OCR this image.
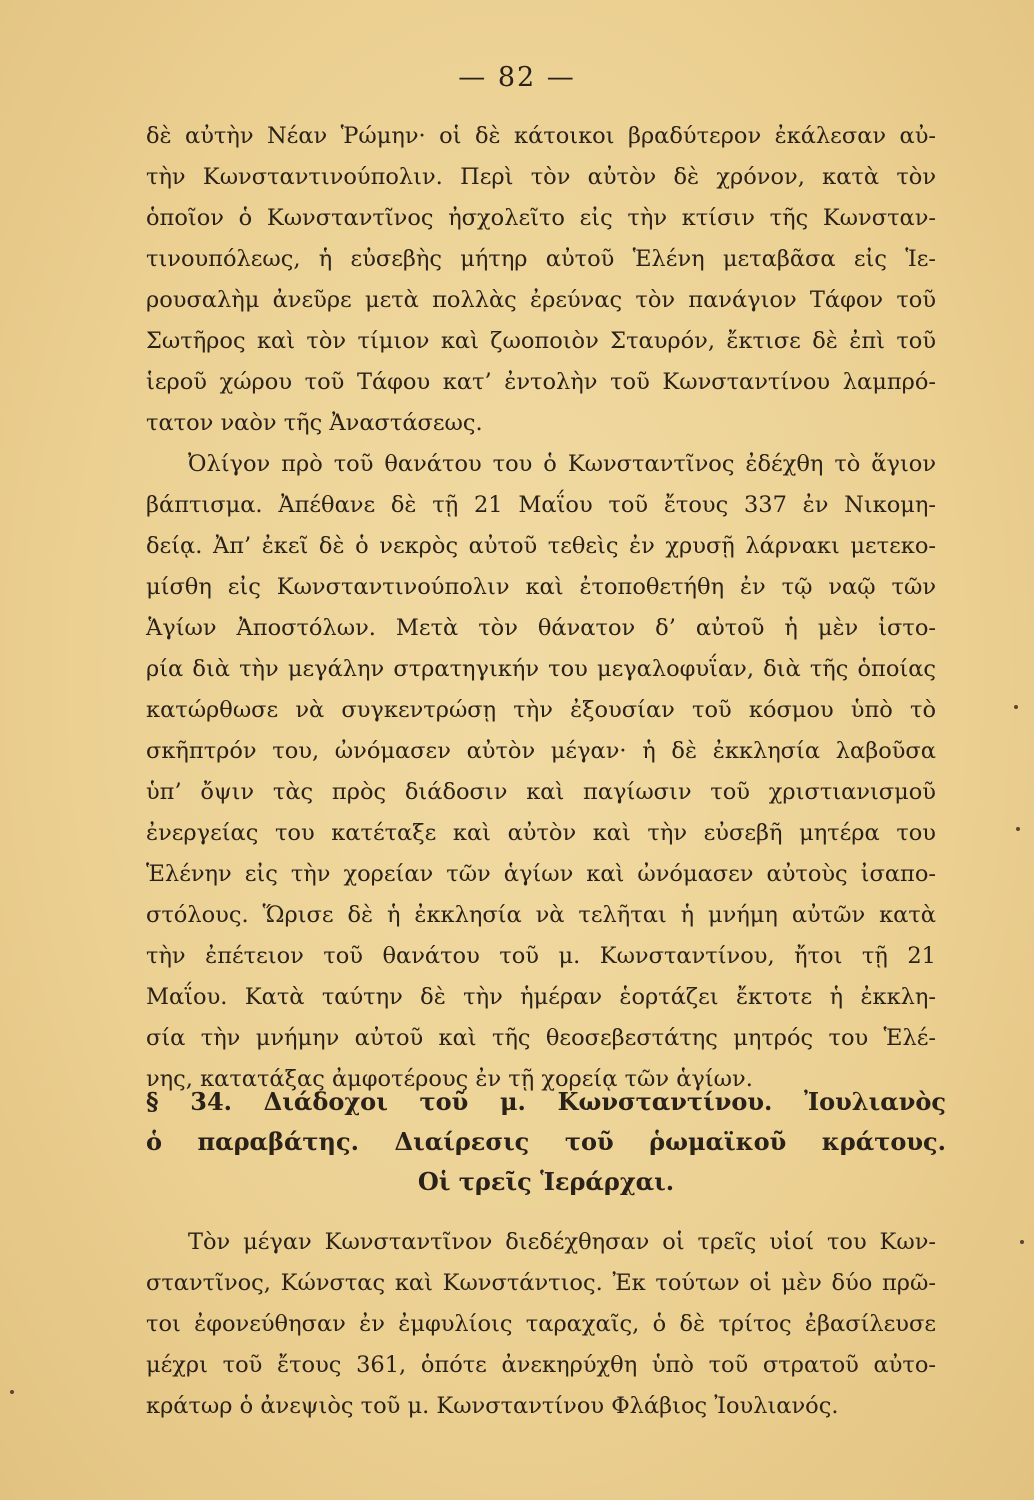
— 82 —
δὲ αὐτὴν Νέαν Ῥώμην· οἱ δὲ κάτοικοι βραδύτερον ἐκάλεσαν αὐ-
τὴν Κωνσταντινούπολιν. Περὶ τὸν αὐτὸν δὲ χρόνον, κατὰ τὸν
ὁποῖον ὁ Κωνσταντῖνος ἠσχολεῖτο εἰς τὴν κτίσιν τῆς Κωνσταν-
τινουπόλεως, ἡ εὐσεβὴς μήτηρ αὐτοῦ Ἑλένη μεταβᾶσα εἰς Ἱε-
ρουσαλὴμ ἀνεῦρε μετὰ πολλὰς ἐρεύνας τὸν πανάγιον Τάφον τοῦ
Σωτῆρος καὶ τὸν τίμιον καὶ ζωοποιὸν Σταυρόν, ἔκτισε δὲ ἐπὶ τοῦ
ἱεροῦ χώρου τοῦ Τάφου κατ’ ἐντολὴν τοῦ Κωνσταντίνου λαμπρό-
τατον ναὸν τῆς Ἀναστάσεως.
Ὀλίγον πρὸ τοῦ θανάτου του ὁ Κωνσταντῖνος ἐδέχθη τὸ ἅγιον
βάπτισμα. Ἀπέθανε δὲ τῇ 21 Μαΐου τοῦ ἔτους 337 ἐν Νικομη-
δείᾳ. Ἀπ’ ἐκεῖ δὲ ὁ νεκρὸς αὐτοῦ τεθεὶς ἐν χρυσῇ λάρνακι μετεκο-
μίσθη εἰς Κωνσταντινούπολιν καὶ ἐτοποθετήθη ἐν τῷ ναῷ τῶν
Ἁγίων Ἀποστόλων. Μετὰ τὸν θάνατον δ’ αὐτοῦ ἡ μὲν ἱστο-
ρία διὰ τὴν μεγάλην στρατηγικήν του μεγαλοφυΐαν, διὰ τῆς ὁποίας
κατώρθωσε νὰ συγκεντρώσῃ τὴν ἐξουσίαν τοῦ κόσμου ὑπὸ τὸ
σκῆπτρόν του, ὠνόμασεν αὐτὸν μέγαν· ἡ δὲ ἐκκλησία λαβοῦσα
ὑπ’ ὄψιν τὰς πρὸς διάδοσιν καὶ παγίωσιν τοῦ χριστιανισμοῦ
ἐνεργείας του κατέταξε καὶ αὐτὸν καὶ τὴν εὐσεβῆ μητέρα του
Ἑλένην εἰς τὴν χορείαν τῶν ἁγίων καὶ ὠνόμασεν αὐτοὺς ἰσαπο-
στόλους. Ὥρισε δὲ ἡ ἐκκλησία νὰ τελῆται ἡ μνήμη αὐτῶν κατὰ
τὴν ἐπέτειον τοῦ θανάτου τοῦ μ. Κωνσταντίνου, ἤτοι τῇ 21
Μαΐου. Κατὰ ταύτην δὲ τὴν ἡμέραν ἑορτάζει ἔκτοτε ἡ ἐκκλη-
σία τὴν μνήμην αὐτοῦ καὶ τῆς θεοσεβεστάτης μητρός του Ἑλέ-
νης, κατατάξας ἀμφοτέρους ἐν τῇ χορείᾳ τῶν ἁγίων.
§ 34. Διάδοχοι τοῦ μ. Κωνσταντίνου. Ἰουλιανὸς
ὁ παραβάτης. Διαίρεσις τοῦ ῥωμαϊκοῦ κράτους.
Οἱ τρεῖς Ἱεράρχαι.
Τὸν μέγαν Κωνσταντῖνον διεδέχθησαν οἱ τρεῖς υἱοί του Κων-
σταντῖνος, Κώνστας καὶ Κωνστάντιος. Ἐκ τούτων οἱ μὲν δύο πρῶ-
τοι ἐφονεύθησαν ἐν ἐμφυλίοις ταραχαῖς, ὁ δὲ τρίτος ἐβασίλευσε
μέχρι τοῦ ἔτους 361, ὁπότε ἀνεκηρύχθη ὑπὸ τοῦ στρατοῦ αὐτο-
κράτωρ ὁ ἀνεψιὸς τοῦ μ. Κωνσταντίνου Φλάβιος Ἰουλιανός.
